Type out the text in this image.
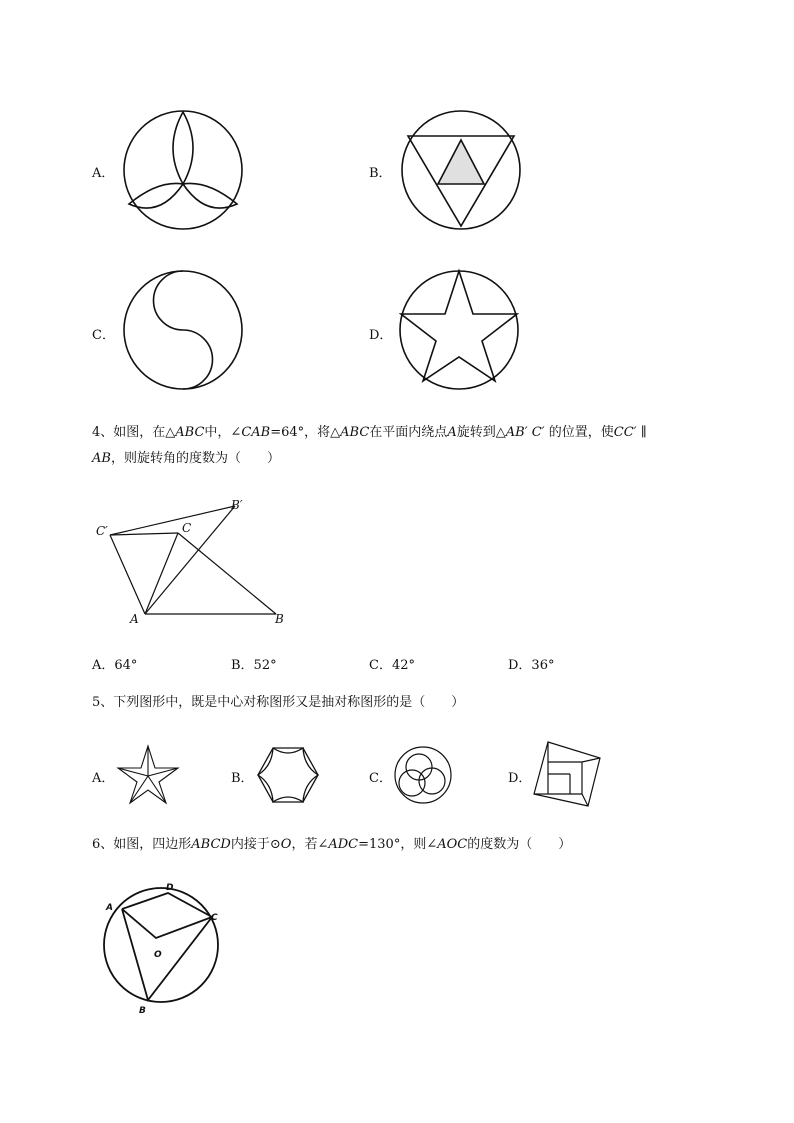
A．	B．
C．	D．
4、如图，在△ABC中，∠CAB=64°，将△ABC在平面内绕点A旋转到△AB′ C′ 的位置，使CC′ ∥
AB，则旋转角的度数为（　　）
C′	C
B′
A	B
A．64°	B．52°	C．42°	D．36°
5、下列图形中，既是中心对称图形又是抽对称图形的是（　　）
A．	B．	C．	D．
6、如图，四边形ABCD内接于⊙O，若∠ADC=130°，则∠AOC的度数为（　　）
A
D
C
B
O
